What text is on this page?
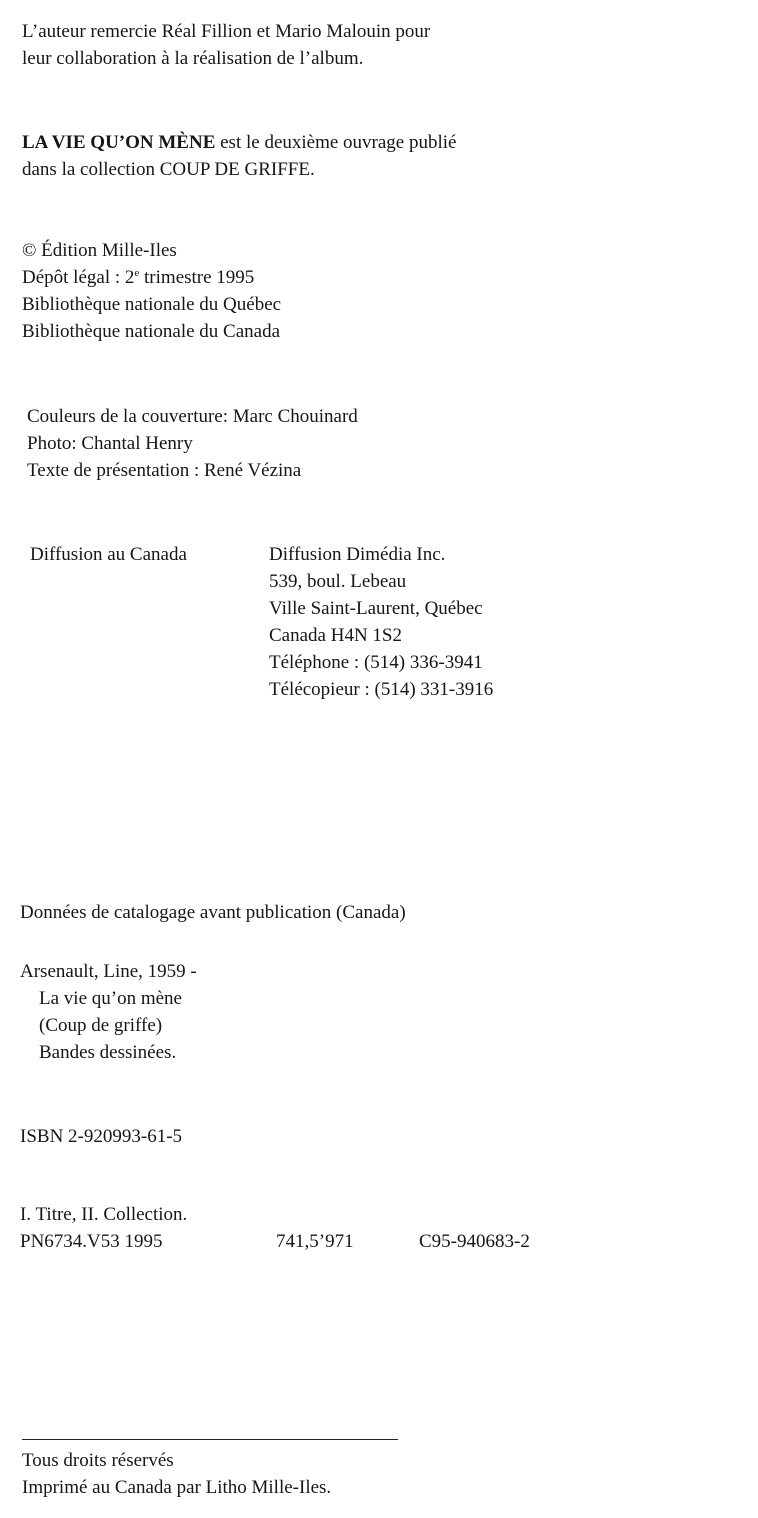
L’auteur remercie Réal Fillion et Mario Malouin pour
leur collaboration à la réalisation de l’album.
LA VIE QU’ON MÈNE est le deuxième ouvrage publié
dans la collection COUP DE GRIFFE.
© Édition Mille-Iles
Dépôt légal : 2e trimestre 1995
Bibliothèque nationale du Québec
Bibliothèque nationale du Canada
Couleurs de la couverture: Marc Chouinard
Photo: Chantal Henry
Texte de présentation : René Vézina
Diffusion au Canada	Diffusion Dimédia Inc.
539, boul. Lebeau
Ville Saint-Laurent, Québec
Canada H4N 1S2
Téléphone : (514) 336-3941
Télécopieur : (514) 331-3916
Données de catalogage avant publication (Canada)
Arsenault, Line, 1959 -
La vie qu’on mène
(Coup de griffe)
Bandes dessinées.
ISBN 2-920993-61-5
I. Titre, II. Collection.
PN6734.V53 1995	741,5’971	C95-940683-2
Tous droits réservés
Imprimé au Canada par Litho Mille-Iles.
